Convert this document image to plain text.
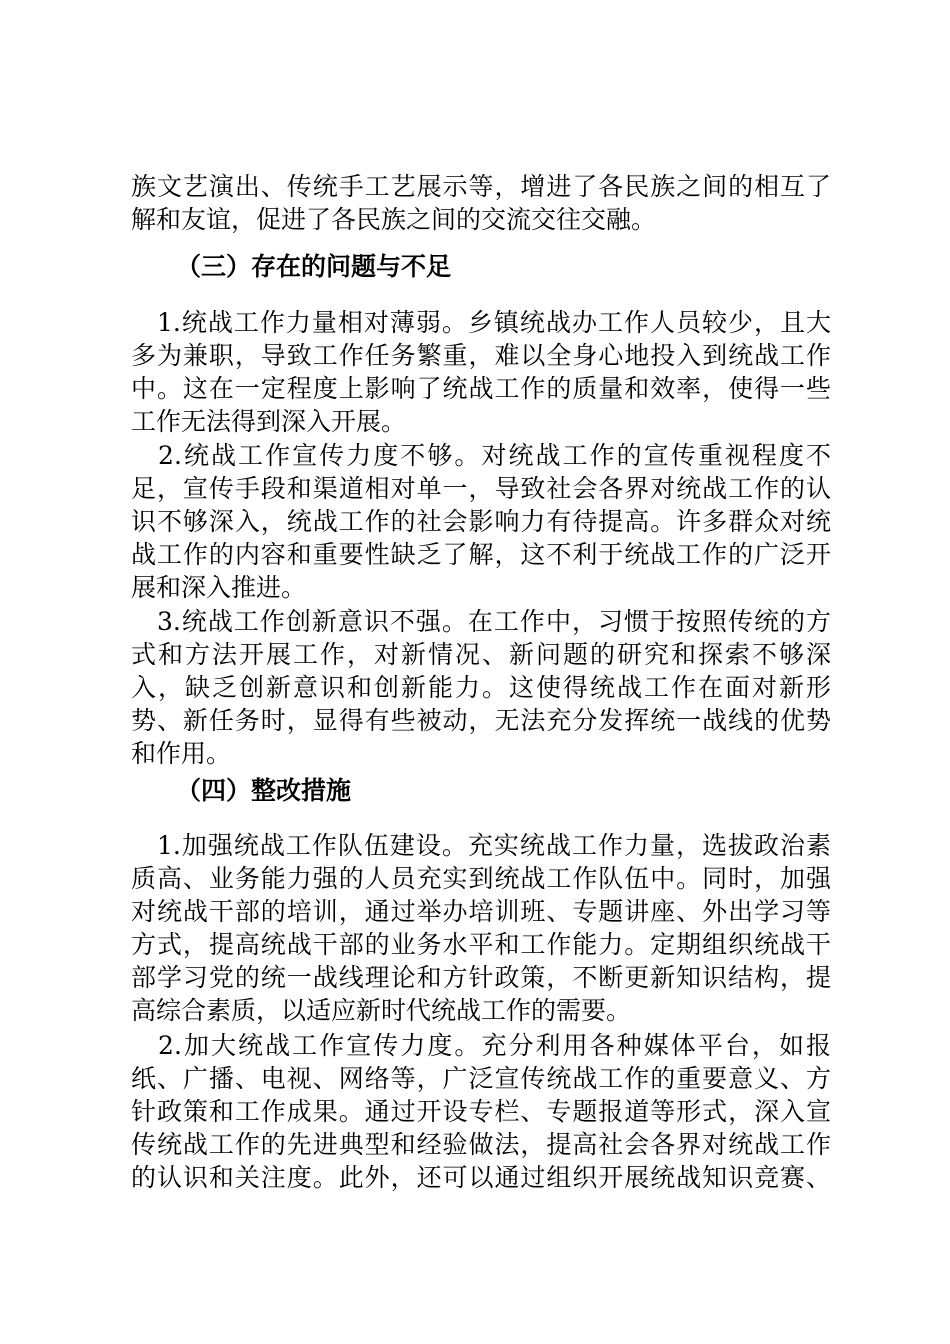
族文艺演出、传统手工艺展示等，增进了各民族之间的相互了
解和友谊，促进了各民族之间的交流交往交融。
（三）存在的问题与不足
　1.统战工作力量相对薄弱。乡镇统战办工作人员较少，且大
多为兼职，导致工作任务繁重，难以全身心地投入到统战工作
中。这在一定程度上影响了统战工作的质量和效率，使得一些
工作无法得到深入开展。
　2.统战工作宣传力度不够。对统战工作的宣传重视程度不
足，宣传手段和渠道相对单一，导致社会各界对统战工作的认
识不够深入，统战工作的社会影响力有待提高。许多群众对统
战工作的内容和重要性缺乏了解，这不利于统战工作的广泛开
展和深入推进。
　3.统战工作创新意识不强。在工作中，习惯于按照传统的方
式和方法开展工作，对新情况、新问题的研究和探索不够深
入，缺乏创新意识和创新能力。这使得统战工作在面对新形
势、新任务时，显得有些被动，无法充分发挥统一战线的优势
和作用。
（四）整改措施
　1.加强统战工作队伍建设。充实统战工作力量，选拔政治素
质高、业务能力强的人员充实到统战工作队伍中。同时，加强
对统战干部的培训，通过举办培训班、专题讲座、外出学习等
方式，提高统战干部的业务水平和工作能力。定期组织统战干
部学习党的统一战线理论和方针政策，不断更新知识结构，提
高综合素质，以适应新时代统战工作的需要。
　2.加大统战工作宣传力度。充分利用各种媒体平台，如报
纸、广播、电视、网络等，广泛宣传统战工作的重要意义、方
针政策和工作成果。通过开设专栏、专题报道等形式，深入宣
传统战工作的先进典型和经验做法，提高社会各界对统战工作
的认识和关注度。此外，还可以通过组织开展统战知识竞赛、
